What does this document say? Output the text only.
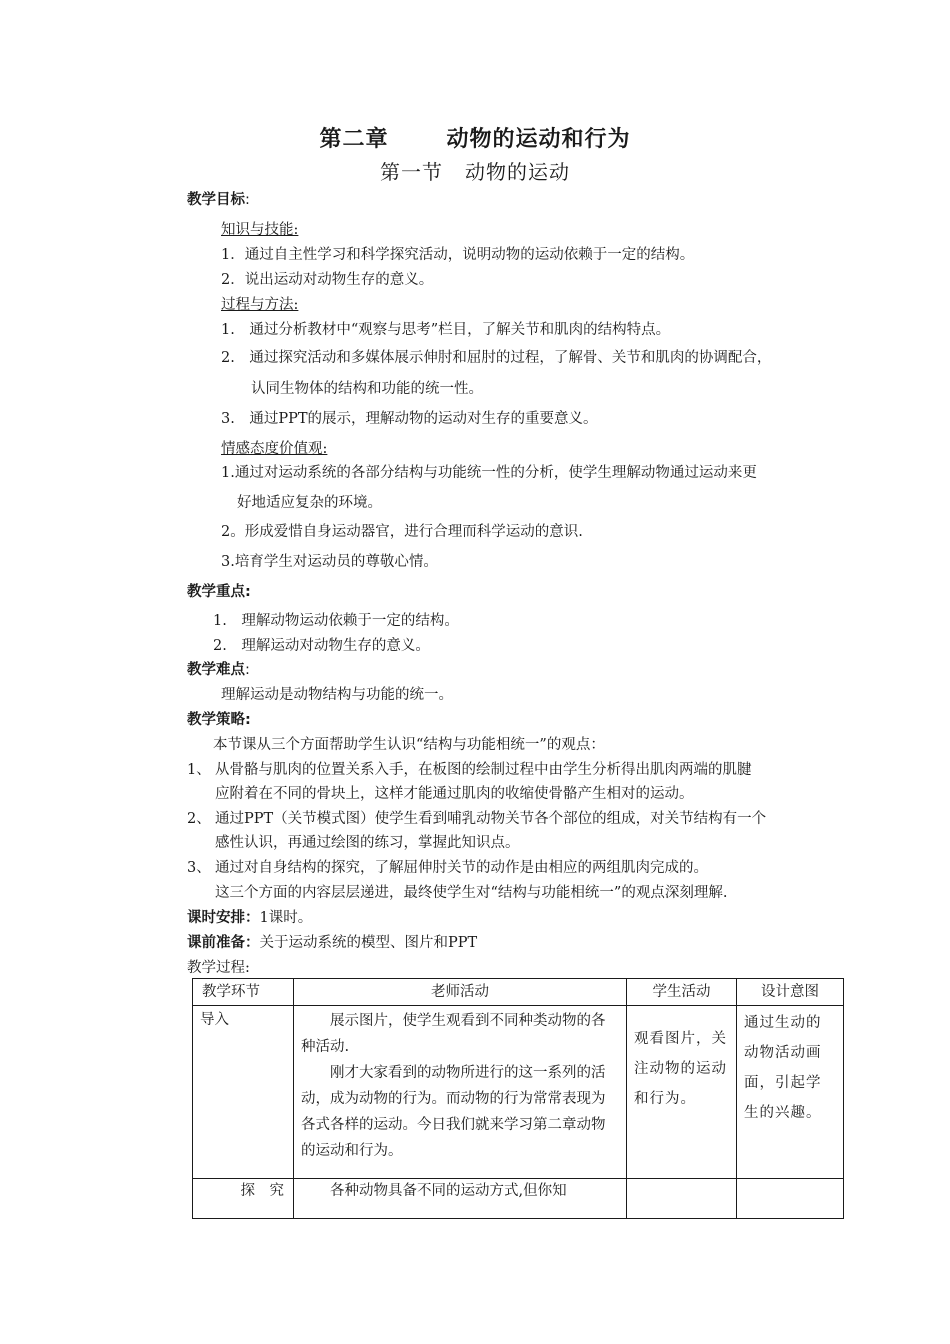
第二章	动物的运动和行为
第一节 动物的运动
教学目标:
知识与技能:
1．通过自主性学习和科学探究活动，说明动物的运动依赖于一定的结构。
2．说出运动对动物生存的意义。
过程与方法:
1.　通过分析教材中“观察与思考”栏目，了解关节和肌肉的结构特点。
2.　通过探究活动和多媒体展示伸肘和屈肘的过程，了解骨、关节和肌肉的协调配合，
认同生物体的结构和功能的统一性。
3.　通过PPT的展示，理解动物的运动对生存的重要意义。
情感态度价值观:
1.通过对运动系统的各部分结构与功能统一性的分析，使学生理解动物通过运动来更
好地适应复杂的环境。
2。形成爱惜自身运动器官，进行合理而科学运动的意识.
3.培育学生对运动员的尊敬心情。
教学重点:
1.　理解动物运动依赖于一定的结构。
2.　理解运动对动物生存的意义。
教学难点:
理解运动是动物结构与功能的统一。
教学策略:
本节课从三个方面帮助学生认识“结构与功能相统一”的观点：
1、 从骨骼与肌肉的位置关系入手，在板图的绘制过程中由学生分析得出肌肉两端的肌腱
应附着在不同的骨块上，这样才能通过肌肉的收缩使骨骼产生相对的运动。
2、 通过PPT（关节模式图）使学生看到哺乳动物关节各个部位的组成，对关节结构有一个
感性认识，再通过绘图的练习，掌握此知识点。
3、 通过对自身结构的探究，了解屈伸肘关节的动作是由相应的两组肌肉完成的。
这三个方面的内容层层递进，最终使学生对“结构与功能相统一”的观点深刻理解.
课时安排：1课时。
课前准备：关于运动系统的模型、图片和PPT
教学过程:
教学环节	老师活动	学生活动	设计意图
导入	展示图片，使学生观看到不同种类动物的各种活动.
刚才大家看到的动物所进行的这一系列的活动，成为动物的行为。而动物的行为常常表现为各式各样的运动。今日我们就来学习第二章动物的运动和行为。	观看图片，关注动物的运动和行为。	通过生动的动物活动画面，引起学生的兴趣。
探　究	各种动物具备不同的运动方式,但你知		
